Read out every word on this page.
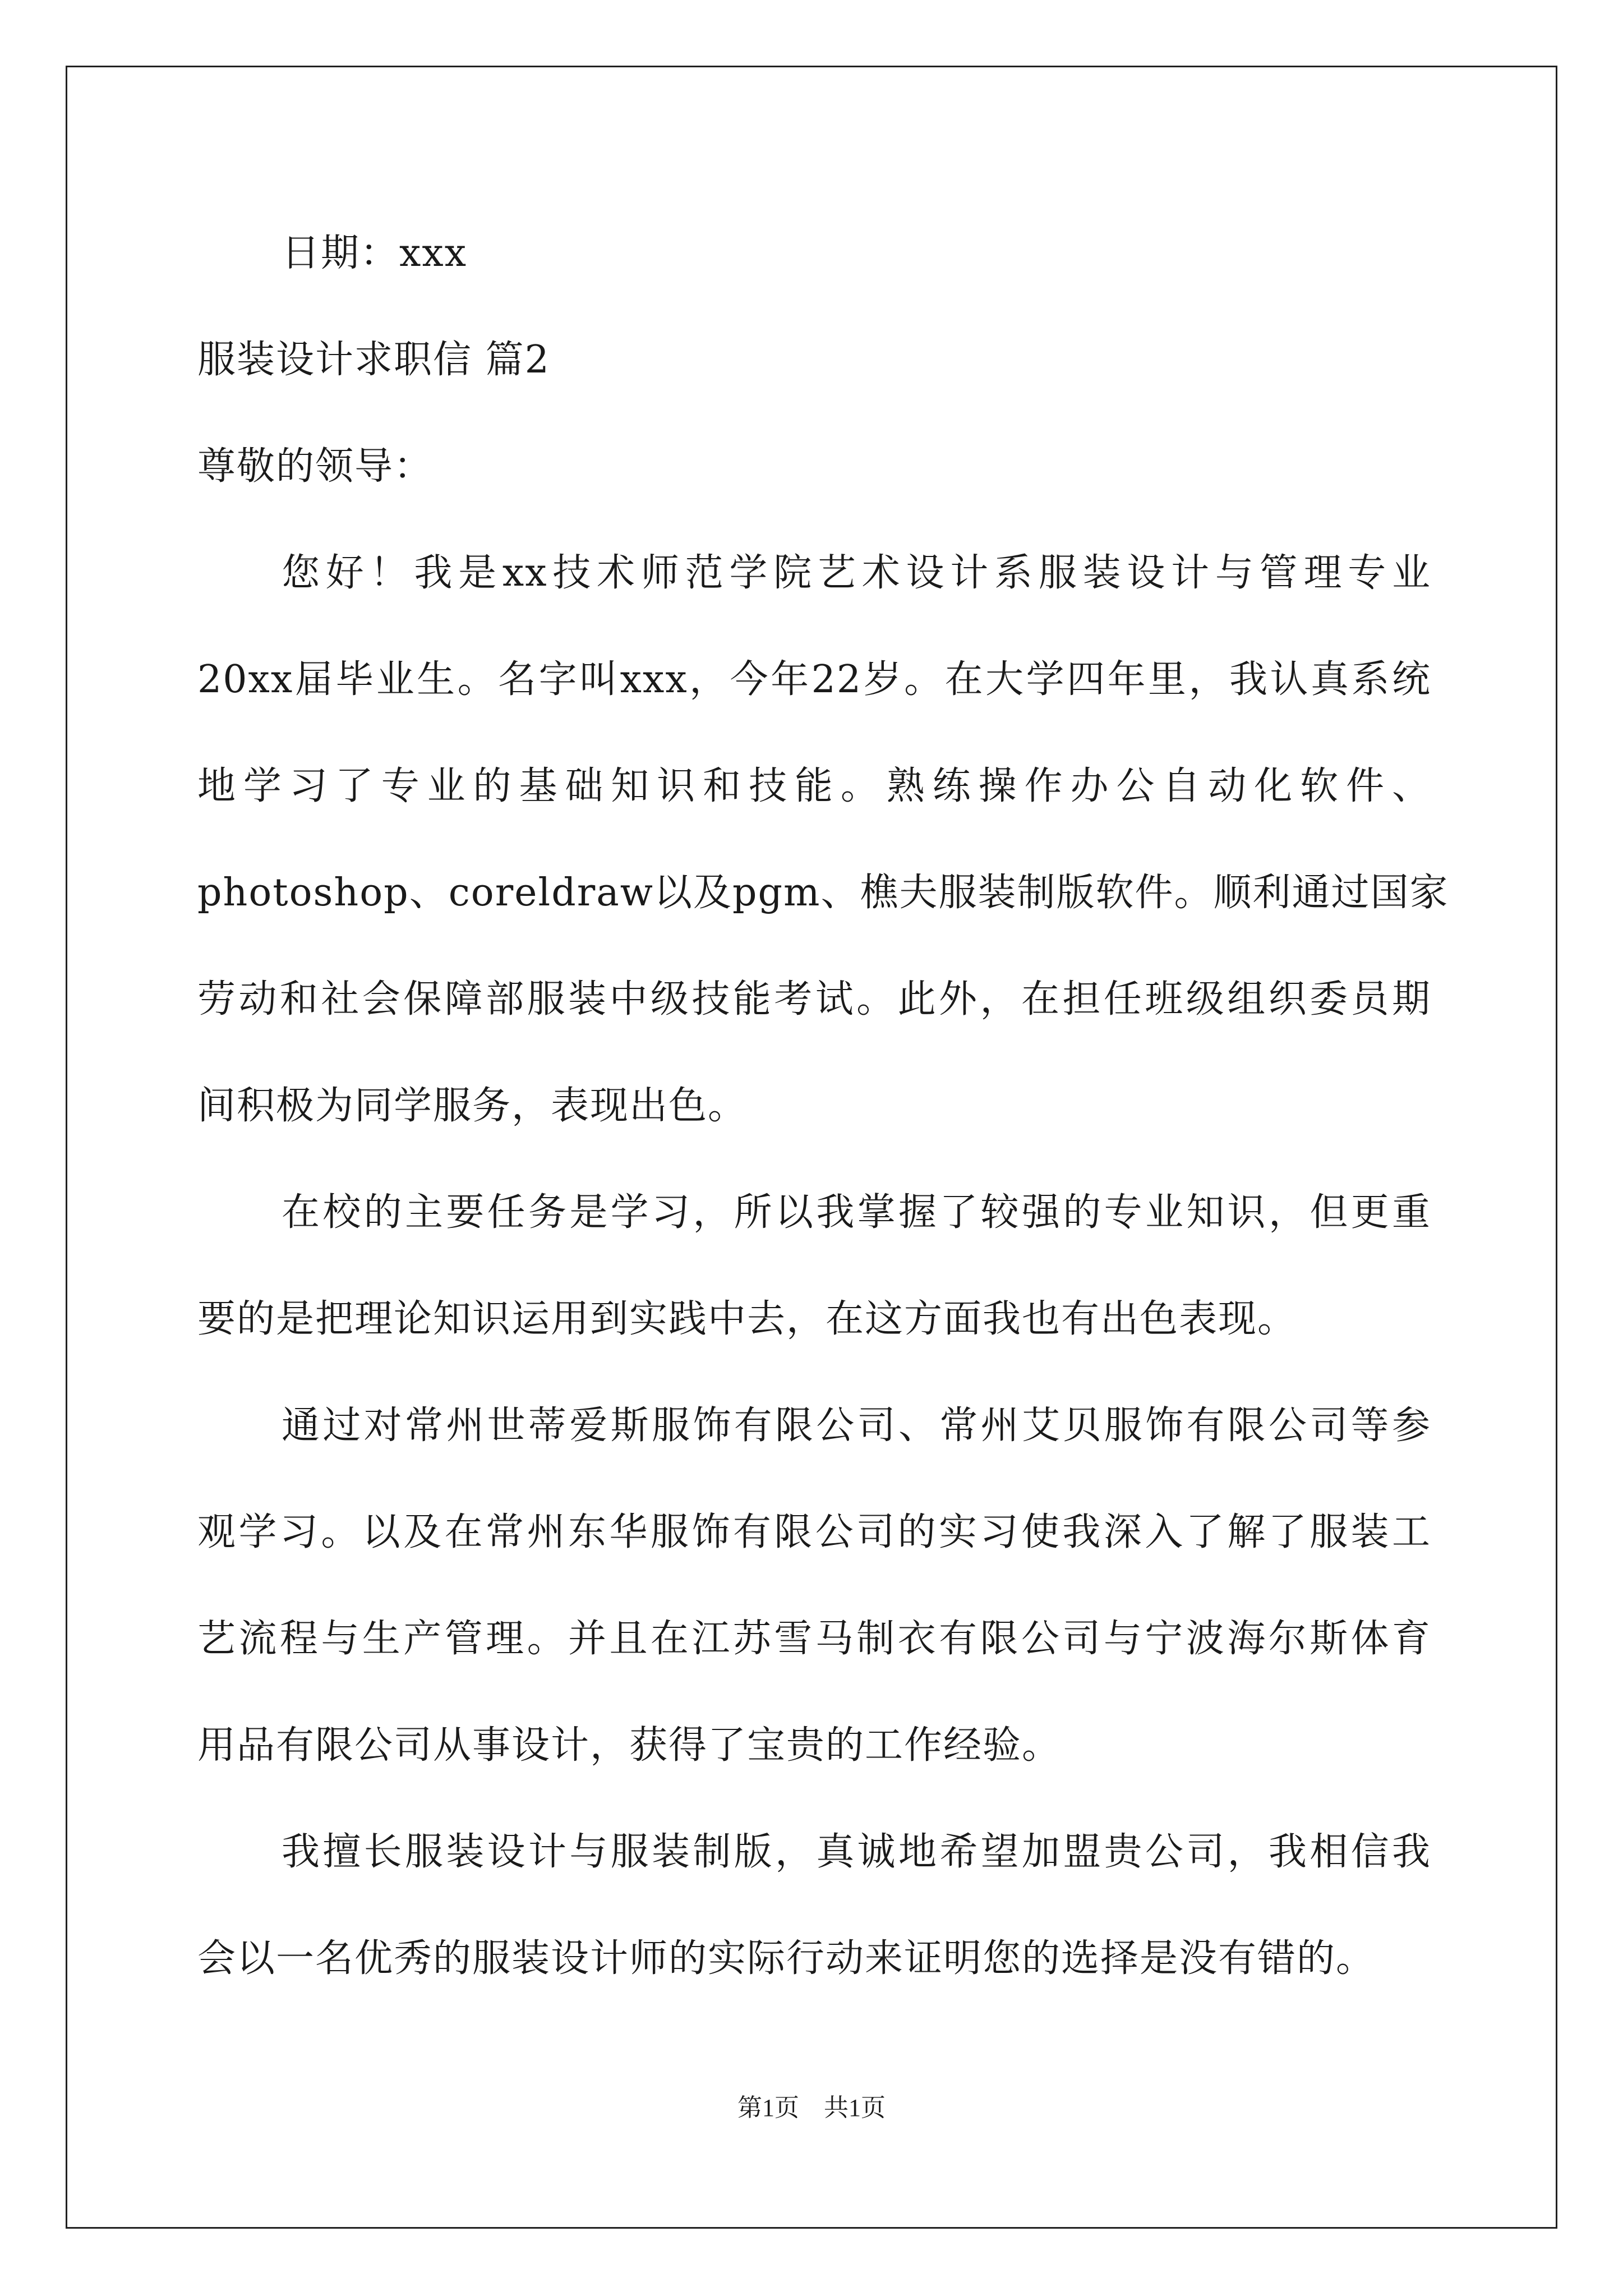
日期：xxx
服装设计求职信 篇2
尊敬的领导：
您好！我是xx技术师范学院艺术设计系服装设计与管理专业
20xx届毕业生。名字叫xxx，今年22岁。在大学四年里，我认真系统
地学习了专业的基础知识和技能。熟练操作办公自动化软件、
photoshop、coreldraw以及pgm、樵夫服装制版软件。顺利通过国家
劳动和社会保障部服装中级技能考试。此外，在担任班级组织委员期
间积极为同学服务，表现出色。
在校的主要任务是学习，所以我掌握了较强的专业知识，但更重
要的是把理论知识运用到实践中去，在这方面我也有出色表现。
通过对常州世蒂爱斯服饰有限公司、常州艾贝服饰有限公司等参
观学习。以及在常州东华服饰有限公司的实习使我深入了解了服装工
艺流程与生产管理。并且在江苏雪马制衣有限公司与宁波海尔斯体育
用品有限公司从事设计，获得了宝贵的工作经验。
我擅长服装设计与服装制版，真诚地希望加盟贵公司，我相信我
会以一名优秀的服装设计师的实际行动来证明您的选择是没有错的。
第1页　共1页
